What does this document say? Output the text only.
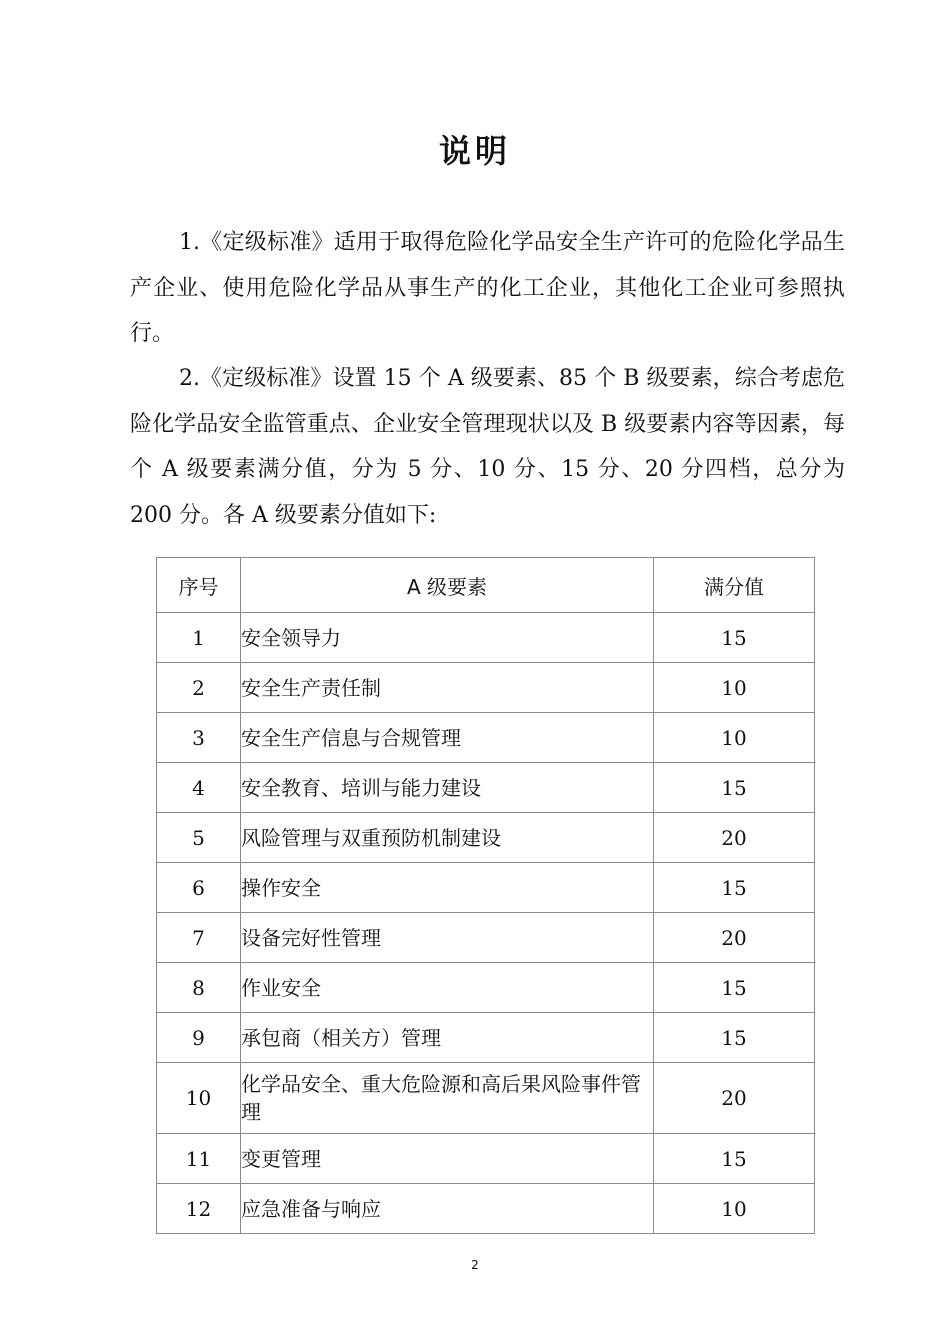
说明

1.《定级标准》适用于取得危险化学品安全生产许可的危险化学品生产企业、使用危险化学品从事生产的化工企业，其他化工企业可参照执行。

2.《定级标准》设置 15 个 A 级要素、85 个 B 级要素，综合考虑危险化学品安全监管重点、企业安全管理现状以及 B 级要素内容等因素，每个 A 级要素满分值，分为 5 分、10 分、15 分、20 分四档，总分为 200 分。各 A 级要素分值如下:

序号	A 级要素	满分值
1	安全领导力	15
2	安全生产责任制	10
3	安全生产信息与合规管理	10
4	安全教育、培训与能力建设	15
5	风险管理与双重预防机制建设	20
6	操作安全	15
7	设备完好性管理	20
8	作业安全	15
9	承包商（相关方）管理	15
10	化学品安全、重大危险源和高后果风险事件管理	20
11	变更管理	15
12	应急准备与响应	10
2
